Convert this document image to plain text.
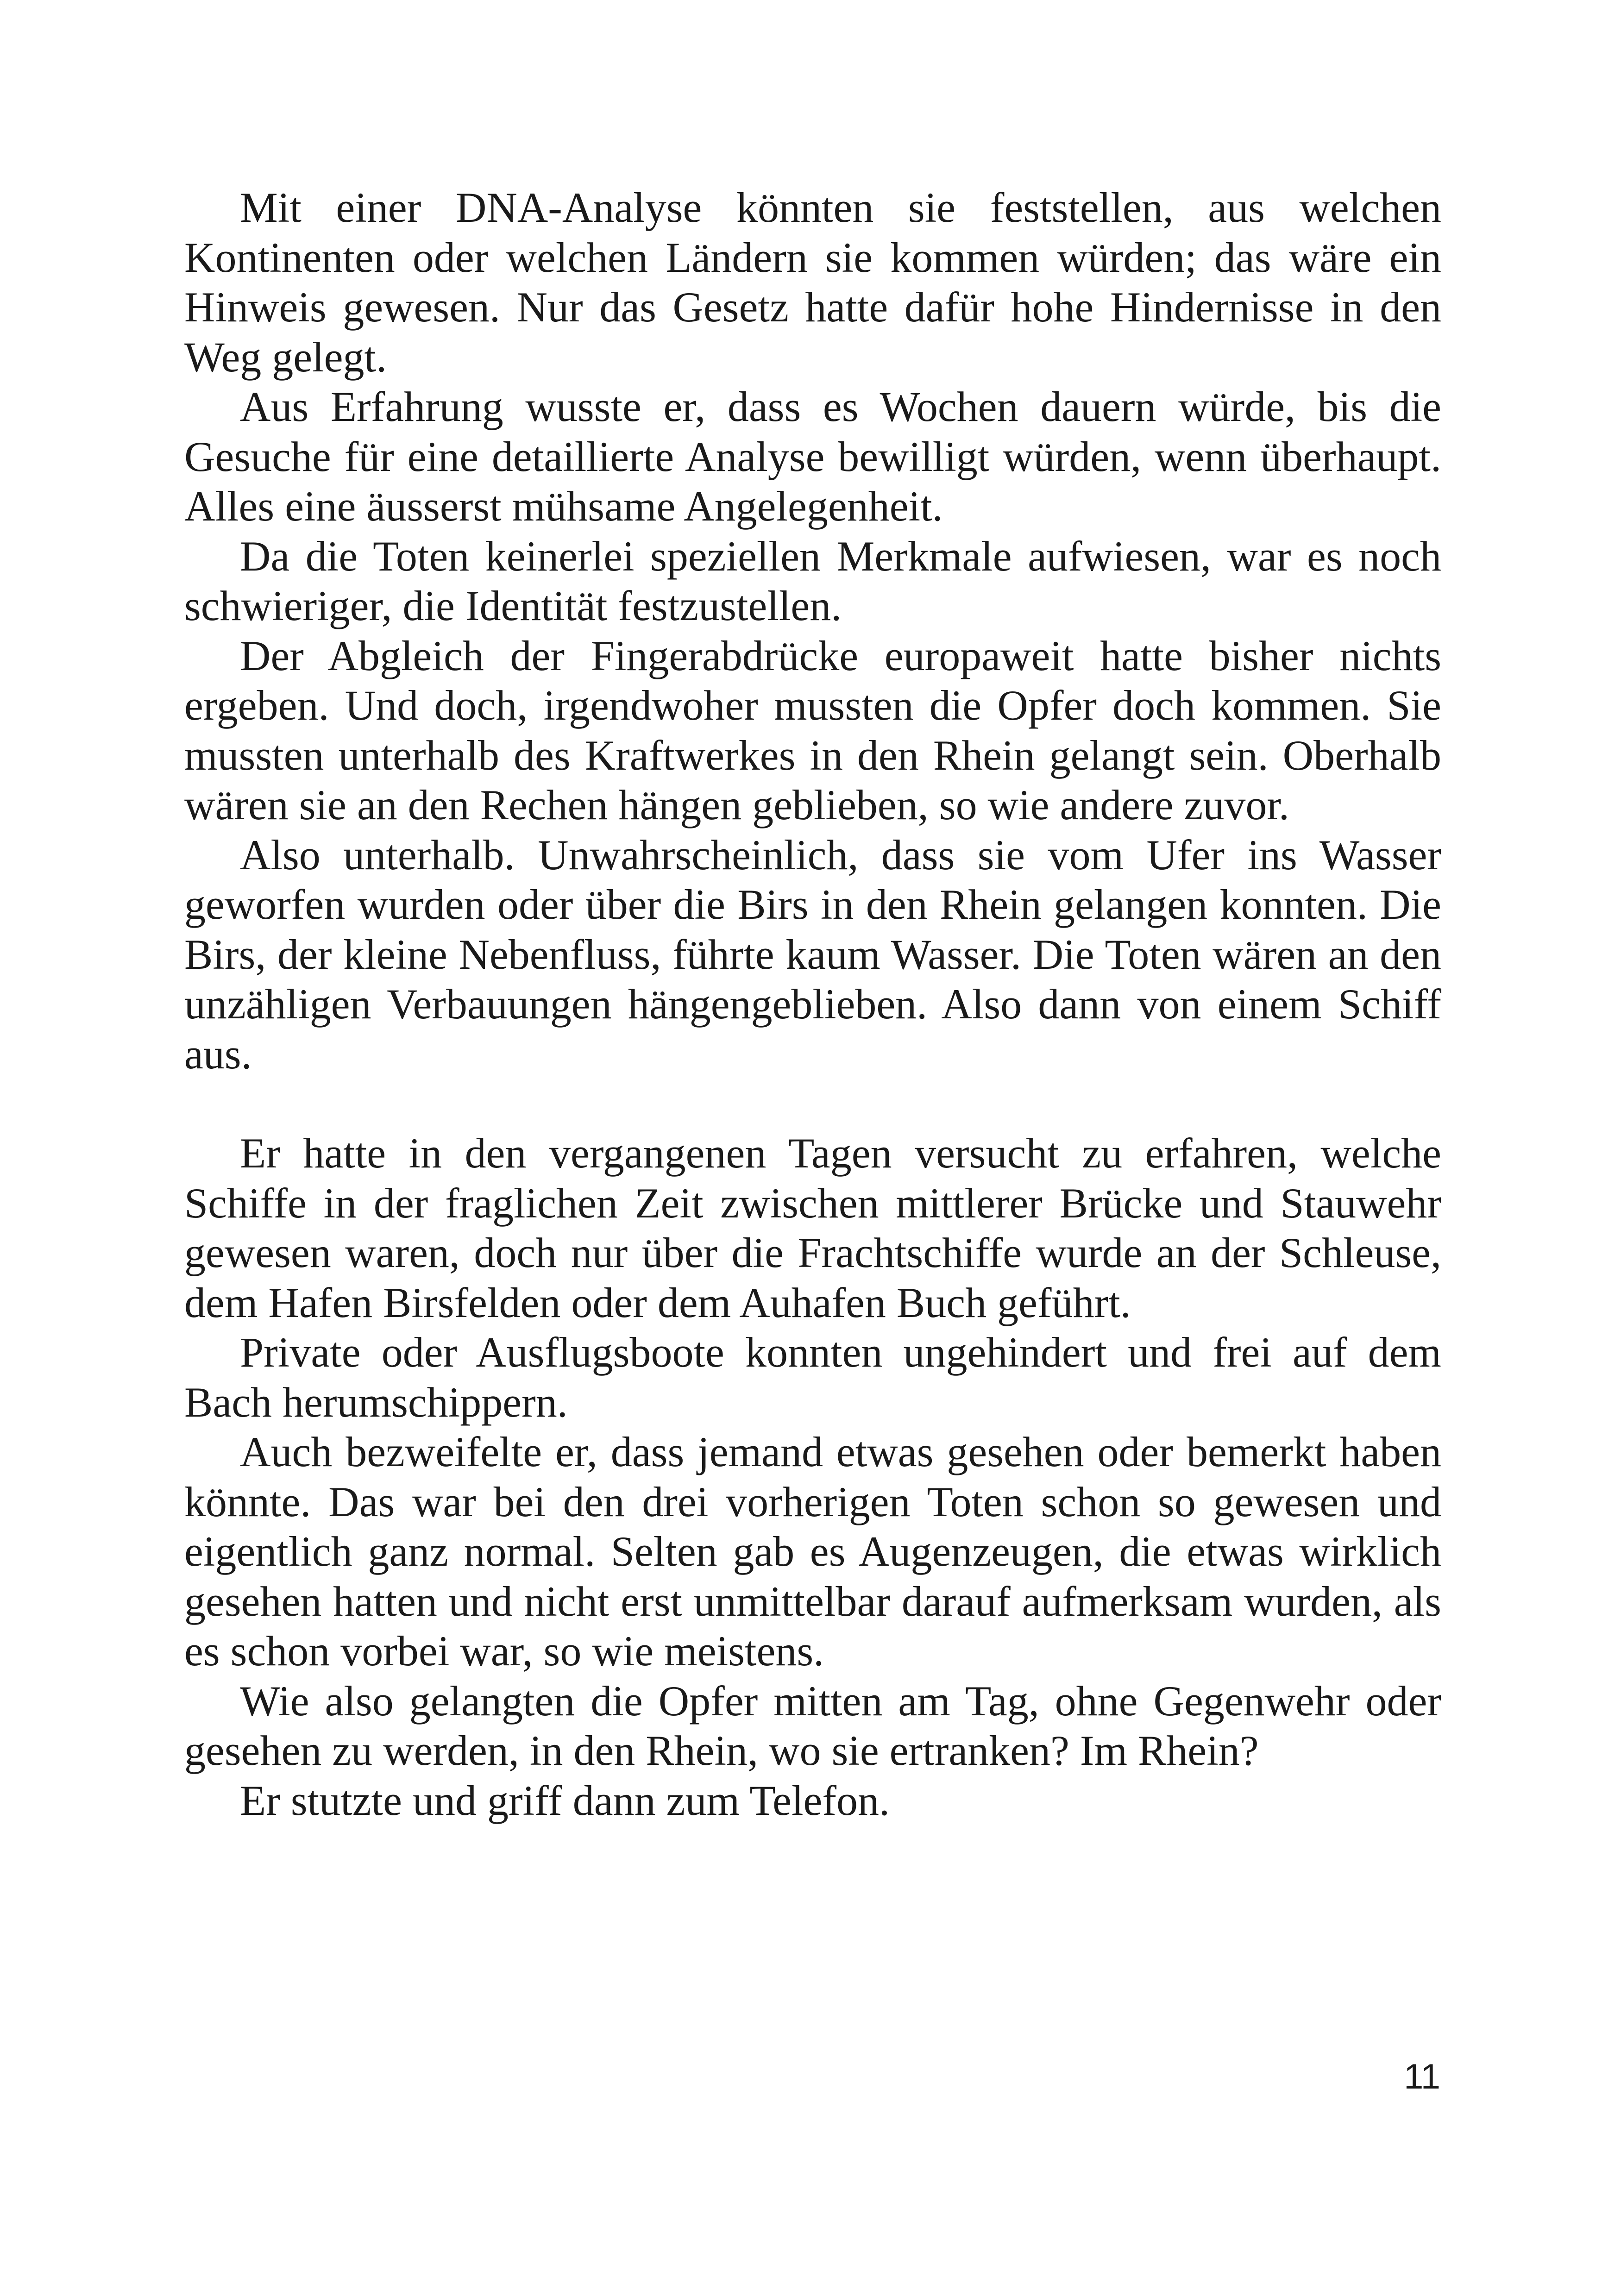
Mit einer DNA-Analyse könnten sie feststellen, aus welchen Kontinenten oder welchen Ländern sie kommen würden; das wäre ein Hinweis gewesen. Nur das Gesetz hatte dafür hohe Hindernisse in den Weg gelegt.

Aus Erfahrung wusste er, dass es Wochen dauern würde, bis die Gesuche für eine detaillierte Analyse bewilligt würden, wenn überhaupt. Alles eine äusserst mühsame Angelegenheit.

Da die Toten keinerlei speziellen Merkmale aufwiesen, war es noch schwieriger, die Identität festzustellen.

Der Abgleich der Fingerabdrücke europaweit hatte bisher nichts ergeben. Und doch, irgendwoher mussten die Opfer doch kommen. Sie mussten unterhalb des Kraftwerkes in den Rhein gelangt sein. Oberhalb wären sie an den Rechen hängen geblieben, so wie andere zuvor.

Also unterhalb. Unwahrscheinlich, dass sie vom Ufer ins Wasser geworfen wurden oder über die Birs in den Rhein gelangen konnten. Die Birs, der kleine Nebenfluss, führte kaum Wasser. Die Toten wären an den unzähligen Verbauungen hängengeblieben. Also dann von einem Schiff aus.

Er hatte in den vergangenen Tagen versucht zu erfahren, welche Schiffe in der fraglichen Zeit zwischen mittlerer Brücke und Stauwehr gewesen waren, doch nur über die Frachtschiffe wurde an der Schleuse, dem Hafen Birsfelden oder dem Auhafen Buch geführt.

Private oder Ausflugsboote konnten ungehindert und frei auf dem Bach herumschippern.

Auch bezweifelte er, dass jemand etwas gesehen oder bemerkt haben könnte. Das war bei den drei vorherigen Toten schon so gewesen und eigentlich ganz normal. Selten gab es Augenzeugen, die etwas wirklich gesehen hatten und nicht erst unmittelbar darauf aufmerksam wurden, als es schon vorbei war, so wie meistens.

Wie also gelangten die Opfer mitten am Tag, ohne Gegenwehr oder gesehen zu werden, in den Rhein, wo sie ertranken? Im Rhein?

Er stutzte und griff dann zum Telefon.

11
